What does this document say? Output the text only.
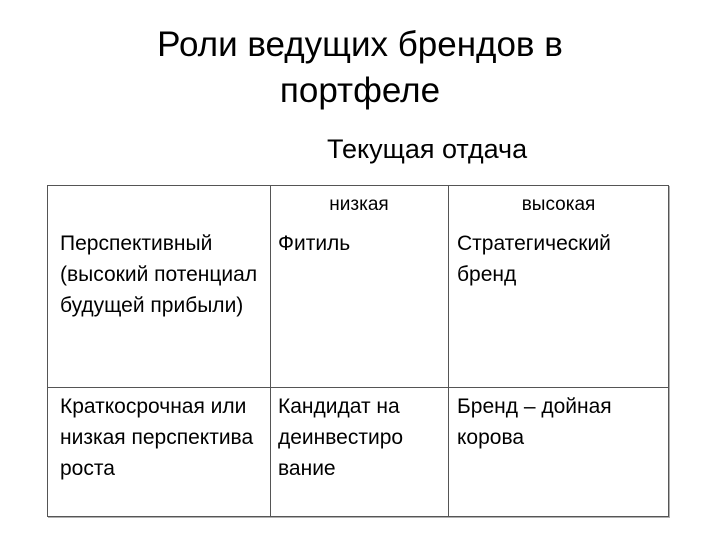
Роли ведущих брендов в
портфеле
Текущая отдача
низкая	высокая
Перспективный (высокий потенциал будущей прибыли)
Фитиль	Стратегический бренд
Краткосрочная или низкая перспектива роста
Кандидат на деинвестиро вание
Бренд – дойная корова
